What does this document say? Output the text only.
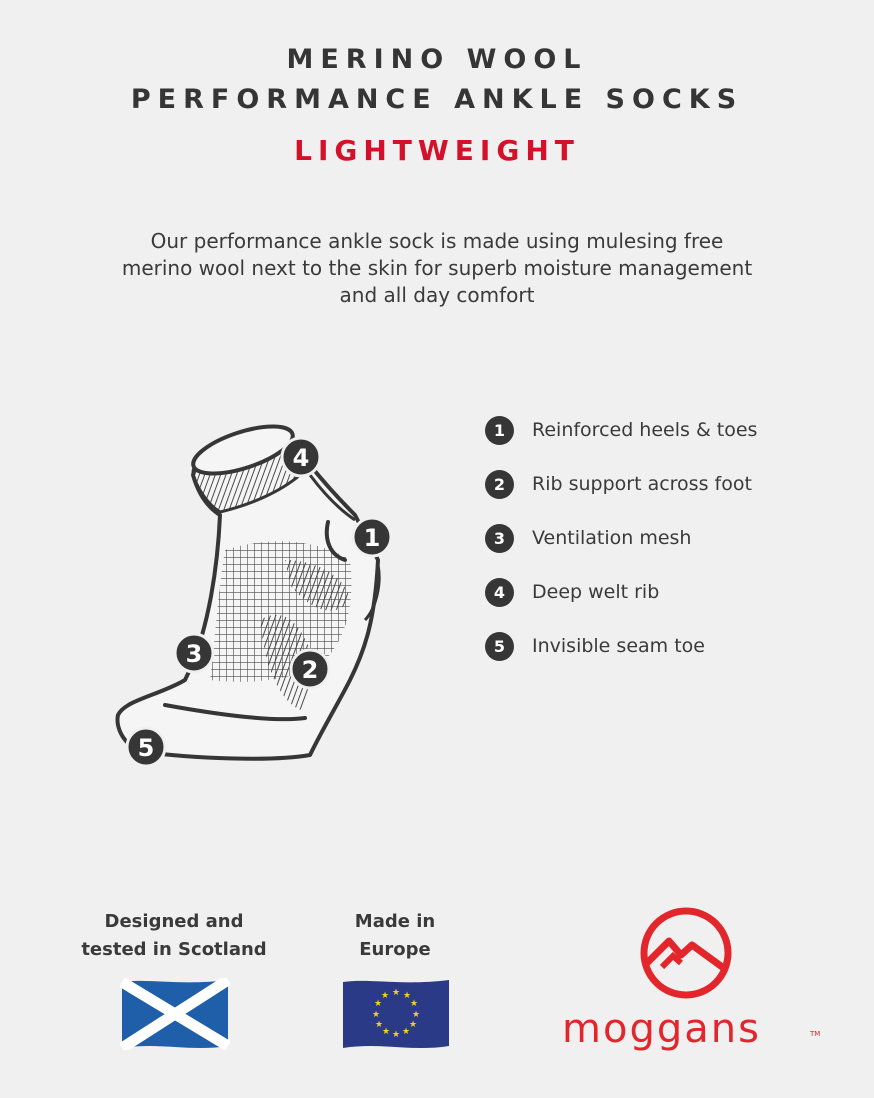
MERINO WOOL
PERFORMANCE ANKLE SOCKS
LIGHTWEIGHT

Our performance ankle sock is made using mulesing free merino wool next to the skin for superb moisture management and all day comfort

4
1
3
2
5
1	Reinforced heels & toes
2	Rib support across foot
3	Ventilation mesh
4	Deep welt rib
5	Invisible seam toe
Designed and
tested in Scotland
Made in
Europe
★ ★
★
★
★
★
★
★
★
★
★
★
moggans	TM
